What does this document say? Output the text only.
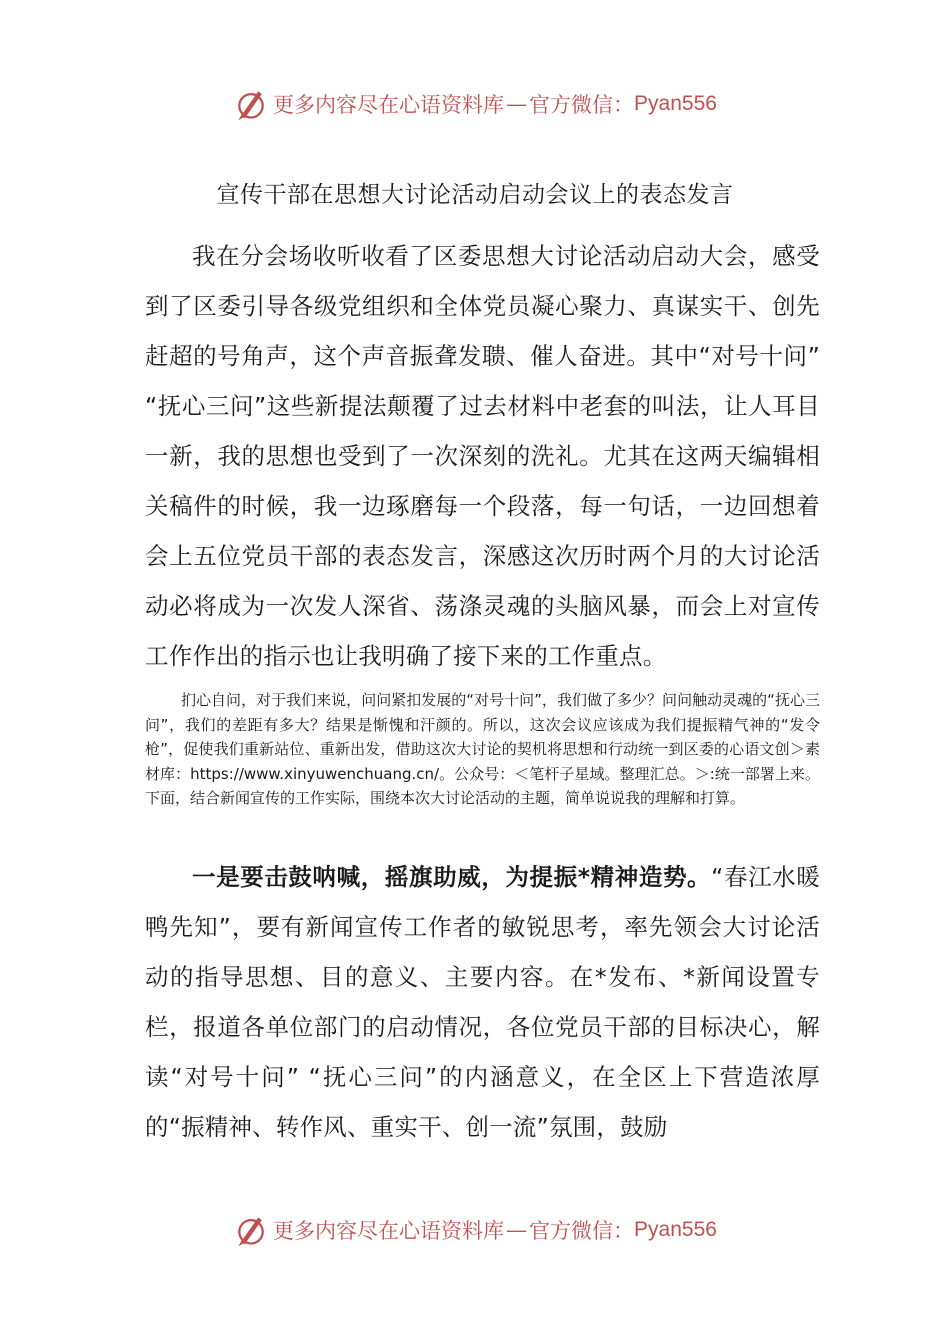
更多内容尽在心语资料库 — 官方微信： Pyan556
宣传干部在思想大讨论活动启动会议上的表态发言

我在分会场收听收看了区委思想大讨论活动启动大会，感受到了区委引导各级党组织和全体党员凝心聚力、真谋实干、创先赶超的号角声，这个声音振聋发聩、催人奋进。其中“对号十问” “抚心三问”这些新提法颠覆了过去材料中老套的叫法，让人耳目一新，我的思想也受到了一次深刻的洗礼。尤其在这两天编辑相关稿件的时候，我一边琢磨每一个段落，每一句话，一边回想着会上五位党员干部的表态发言，深感这次历时两个月的大讨论活动必将成为一次发人深省、荡涤灵魂的头脑风暴，而会上对宣传工作作出的指示也让我明确了接下来的工作重点。

扪心自问，对于我们来说，问问紧扣发展的“对号十问”，我们做了多少？问问触动灵魂的“抚心三问”，我们的差距有多大？结果是惭愧和汗颜的。所以，这次会议应该成为我们提振精气神的“发令枪”，促使我们重新站位、重新出发，借助这次大讨论的契机将思想和行动统一到区委的心语文创＞素材库：https://www.xinyuwenchuang.cn/。公众号：＜笔杆子星域。整理汇总。＞:统一部署上来。下面，结合新闻宣传的工作实际，围绕本次大讨论活动的主题，简单说说我的理解和打算。

一是要击鼓呐喊，摇旗助威，为提振*精神造势。“春江水暖鸭先知”，要有新闻宣传工作者的敏锐思考，率先领会大讨论活动的指导思想、目的意义、主要内容。在*发布、*新闻设置专栏，报道各单位部门的启动情况，各位党员干部的目标决心，解读“对号十问” “抚心三问”的内涵意义，在全区上下营造浓厚的“振精神、转作风、重实干、创一流”氛围，鼓励

更多内容尽在心语资料库 — 官方微信： Pyan556
